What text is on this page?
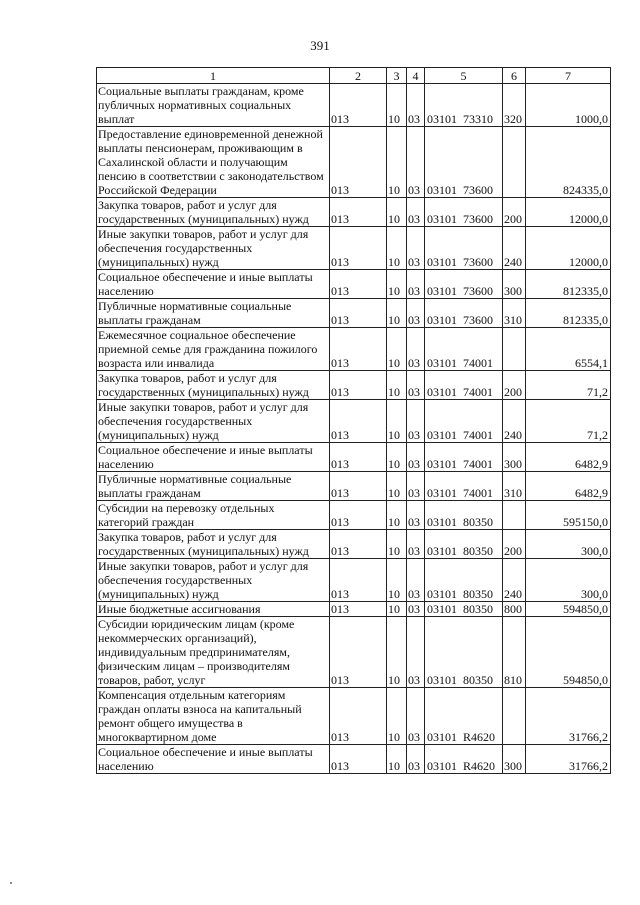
391
1	2	3	4	5	6	7
Социальные выплаты гражданам, кроме публичных нормативных социальных выплат	013	10	03	03101 73310	320	1000,0
Предоставление единовременной денежной выплаты пенсионерам, проживающим в Сахалинской области и получающим пенсию в соответствии с законодательством Российской Федерации	013	10	03	03101 73600		824335,0
Закупка товаров, работ и услуг для государственных (муниципальных) нужд	013	10	03	03101 73600	200	12000,0
Иные закупки товаров, работ и услуг для обеспечения государственных (муниципальных) нужд	013	10	03	03101 73600	240	12000,0
Социальное обеспечение и иные выплаты населению	013	10	03	03101 73600	300	812335,0
Публичные нормативные социальные выплаты гражданам	013	10	03	03101 73600	310	812335,0
Ежемесячное социальное обеспечение приемной семье для гражданина пожилого возраста или инвалида	013	10	03	03101 74001		6554,1
Закупка товаров, работ и услуг для государственных (муниципальных) нужд	013	10	03	03101 74001	200	71,2
Иные закупки товаров, работ и услуг для обеспечения государственных (муниципальных) нужд	013	10	03	03101 74001	240	71,2
Социальное обеспечение и иные выплаты населению	013	10	03	03101 74001	300	6482,9
Публичные нормативные социальные выплаты гражданам	013	10	03	03101 74001	310	6482,9
Субсидии на перевозку отдельных категорий граждан	013	10	03	03101 80350		595150,0
Закупка товаров, работ и услуг для государственных (муниципальных) нужд	013	10	03	03101 80350	200	300,0
Иные закупки товаров, работ и услуг для обеспечения государственных (муниципальных) нужд	013	10	03	03101 80350	240	300,0
Иные бюджетные ассигнования	013	10	03	03101 80350	800	594850,0
Субсидии юридическим лицам (кроме некоммерческих организаций), индивидуальным предпринимателям, физическим лицам – производителям товаров, работ, услуг	013	10	03	03101 80350	810	594850,0
Компенсация отдельным категориям граждан оплаты взноса на капитальный ремонт общего имущества в многоквартирном доме	013	10	03	03101 R4620		31766,2
Социальное обеспечение и иные выплаты населению	013	10	03	03101 R4620	300	31766,2
